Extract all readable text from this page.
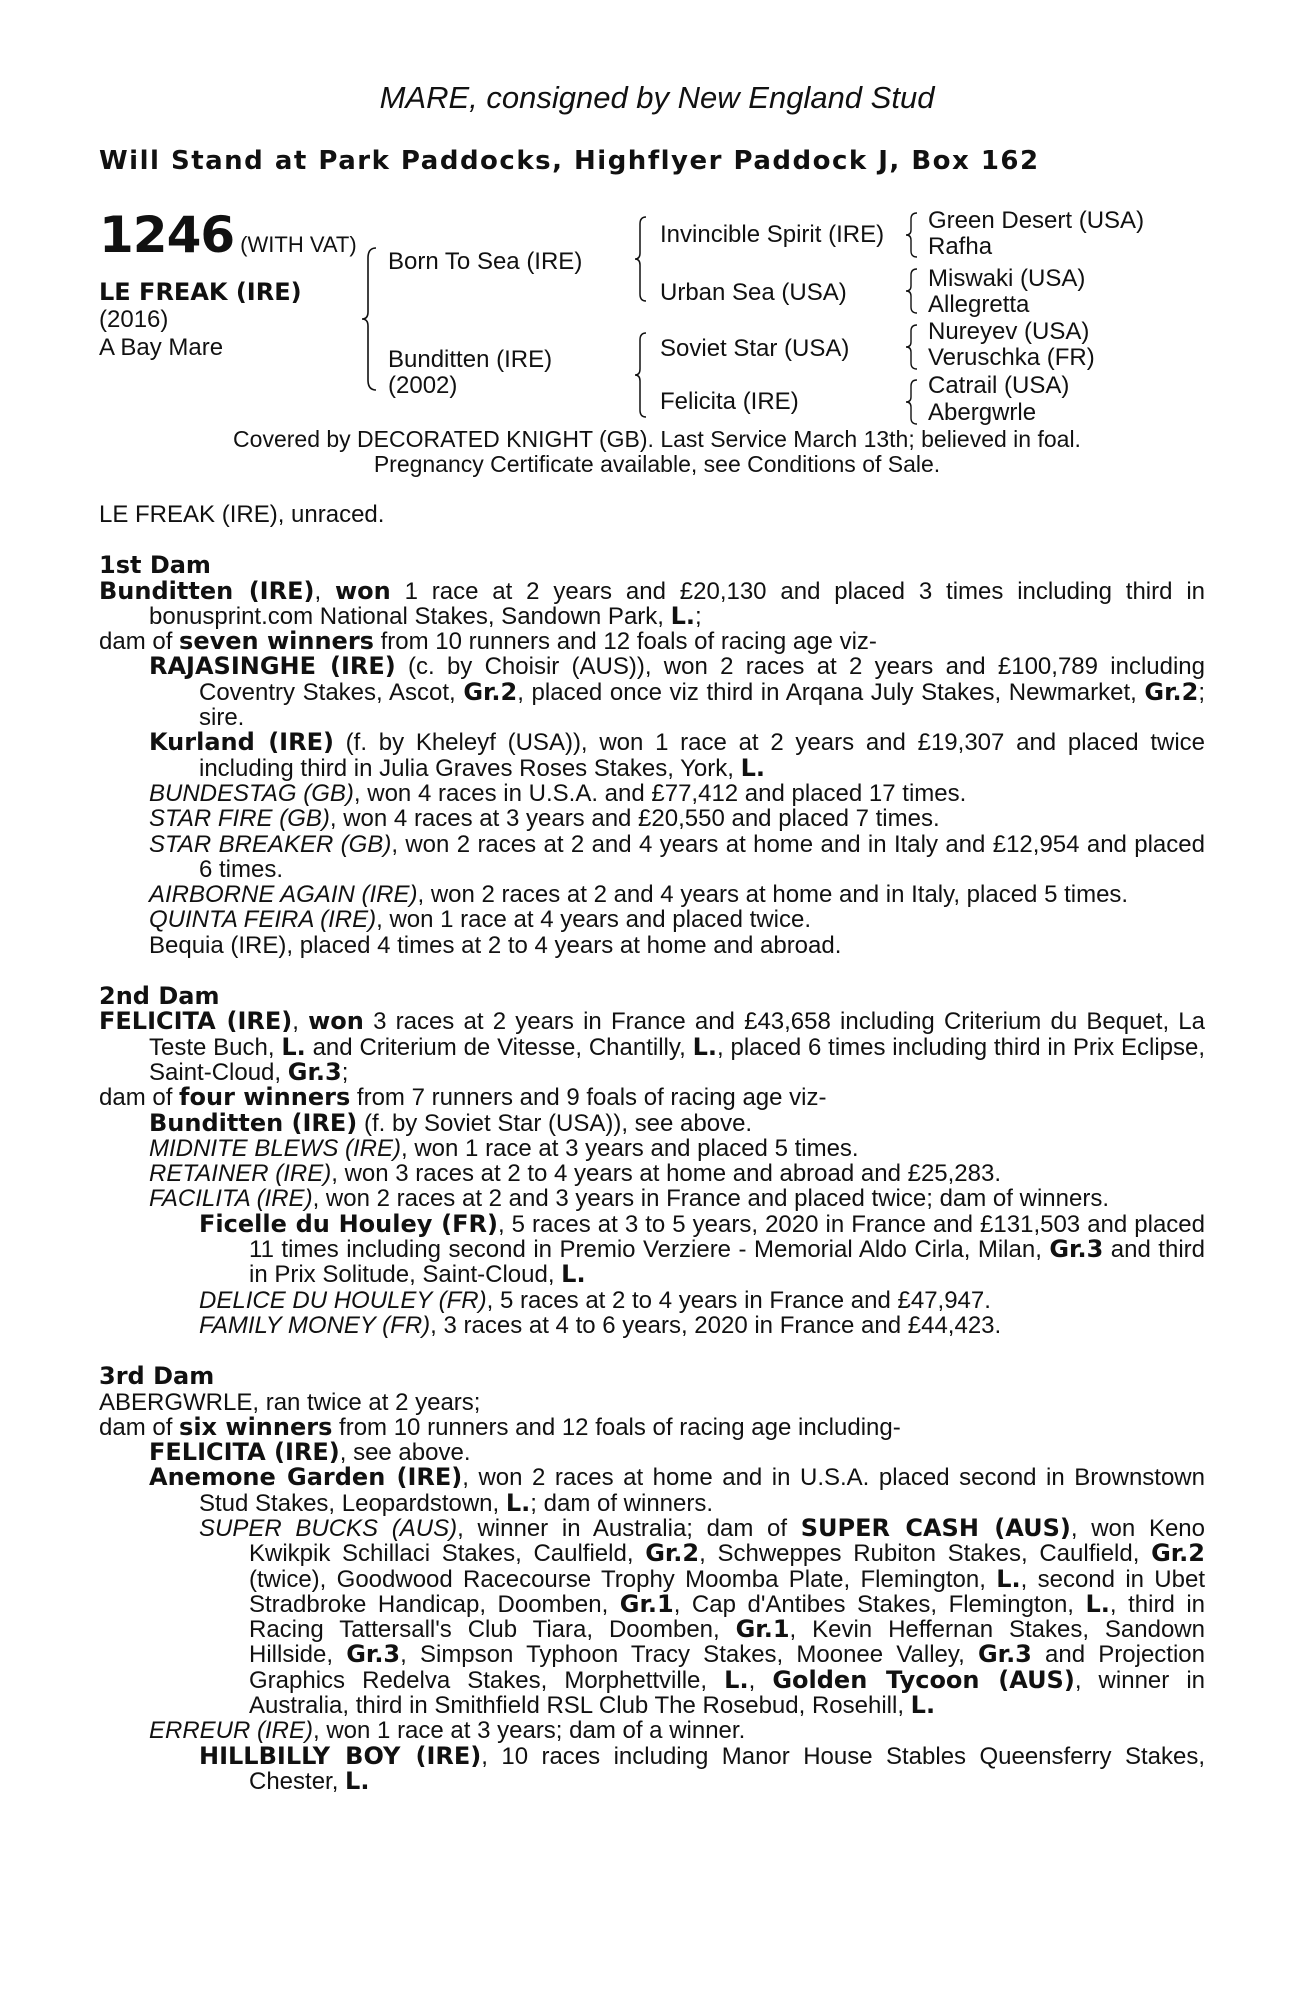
MARE, consigned by New England Stud
Will Stand at Park Paddocks, Highflyer Paddock J, Box 162
1246 (WITH VAT)
LE FREAK (IRE)
(2016)
A Bay Mare
Born To Sea (IRE)
Bunditten (IRE)
(2002)
Invincible Spirit (IRE)
Urban Sea (USA)
Soviet Star (USA)
Felicita (IRE)
Green Desert (USA)
Rafha
Miswaki (USA)
Allegretta
Nureyev (USA)
Veruschka (FR)
Catrail (USA)
Abergwrle
Covered by DECORATED KNIGHT (GB). Last Service March 13th; believed in foal.
Pregnancy Certificate available, see Conditions of Sale.

LE FREAK (IRE), unraced.

1st Dam

Bunditten (IRE), won 1 race at 2 years and £20,130 and placed 3 times including third in bonusprint.com National Stakes, Sandown Park, L.;

dam of seven winners from 10 runners and 12 foals of racing age viz-

RAJASINGHE (IRE) (c. by Choisir (AUS)), won 2 races at 2 years and £100,789 including Coventry Stakes, Ascot, Gr.2, placed once viz third in Arqana July Stakes, Newmarket, Gr.2; sire.

Kurland (IRE) (f. by Kheleyf (USA)), won 1 race at 2 years and £19,307 and placed twice including third in Julia Graves Roses Stakes, York, L.

BUNDESTAG (GB), won 4 races in U.S.A. and £77,412 and placed 17 times.

STAR FIRE (GB), won 4 races at 3 years and £20,550 and placed 7 times.

STAR BREAKER (GB), won 2 races at 2 and 4 years at home and in Italy and £12,954 and placed 6 times.

AIRBORNE AGAIN (IRE), won 2 races at 2 and 4 years at home and in Italy, placed 5 times.

QUINTA FEIRA (IRE), won 1 race at 4 years and placed twice.

Bequia (IRE), placed 4 times at 2 to 4 years at home and abroad.

2nd Dam

FELICITA (IRE), won 3 races at 2 years in France and £43,658 including Criterium du Bequet, La Teste Buch, L. and Criterium de Vitesse, Chantilly, L., placed 6 times including third in Prix Eclipse, Saint-Cloud, Gr.3;

dam of four winners from 7 runners and 9 foals of racing age viz-

Bunditten (IRE) (f. by Soviet Star (USA)), see above.

MIDNITE BLEWS (IRE), won 1 race at 3 years and placed 5 times.

RETAINER (IRE), won 3 races at 2 to 4 years at home and abroad and £25,283.

FACILITA (IRE), won 2 races at 2 and 3 years in France and placed twice; dam of winners.

Ficelle du Houley (FR), 5 races at 3 to 5 years, 2020 in France and £131,503 and placed 11 times including second in Premio Verziere - Memorial Aldo Cirla, Milan, Gr.3 and third in Prix Solitude, Saint-Cloud, L.

DELICE DU HOULEY (FR), 5 races at 2 to 4 years in France and £47,947.

FAMILY MONEY (FR), 3 races at 4 to 6 years, 2020 in France and £44,423.

3rd Dam

ABERGWRLE, ran twice at 2 years;

dam of six winners from 10 runners and 12 foals of racing age including-

FELICITA (IRE), see above.

Anemone Garden (IRE), won 2 races at home and in U.S.A. placed second in Brownstown Stud Stakes, Leopardstown, L.; dam of winners.

SUPER BUCKS (AUS), winner in Australia; dam of SUPER CASH (AUS), won Keno Kwikpik Schillaci Stakes, Caulfield, Gr.2, Schweppes Rubiton Stakes, Caulfield, Gr.2 (twice), Goodwood Racecourse Trophy Moomba Plate, Flemington, L., second in Ubet Stradbroke Handicap, Doomben, Gr.1, Cap d'Antibes Stakes, Flemington, L., third in Racing Tattersall's Club Tiara, Doomben, Gr.1, Kevin Heffernan Stakes, Sandown Hillside, Gr.3, Simpson Typhoon Tracy Stakes, Moonee Valley, Gr.3 and Projection Graphics Redelva Stakes, Morphettville, L., Golden Tycoon (AUS), winner in Australia, third in Smithfield RSL Club The Rosebud, Rosehill, L.

ERREUR (IRE), won 1 race at 3 years; dam of a winner.

HILLBILLY BOY (IRE), 10 races including Manor House Stables Queensferry Stakes, Chester, L.
